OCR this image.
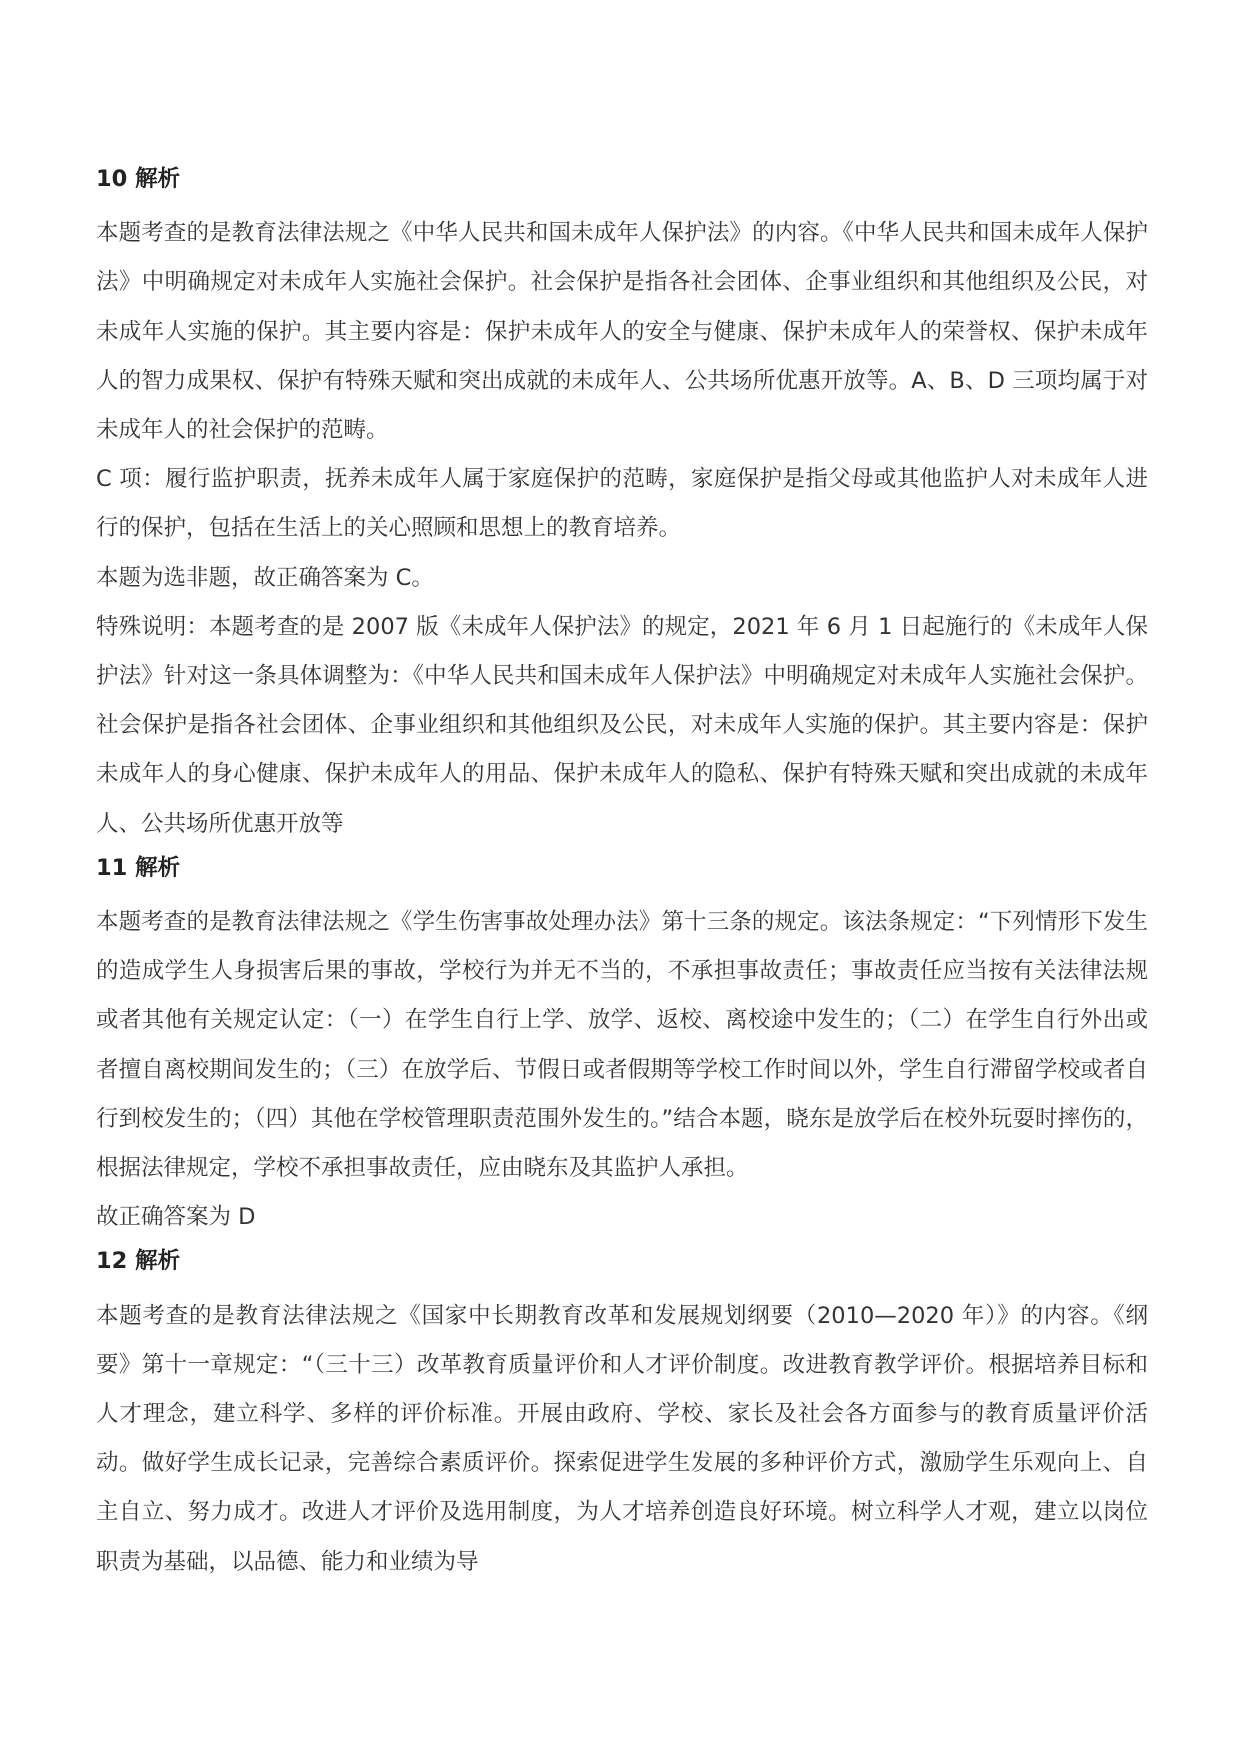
10 解析

本题考查的是教育法律法规之《中华人民共和国未成年人保护法》的内容。《中华人民共和国未成年人保护法》中明确规定对未成年人实施社会保护。社会保护是指各社会团体、企事业组织和其他组织及公民，对未成年人实施的保护。其主要内容是：保护未成年人的安全与健康、保护未成年人的荣誉权、保护未成年人的智力成果权、保护有特殊天赋和突出成就的未成年人、公共场所优惠开放等。A、B、D 三项均属于对未成年人的社会保护的范畴。

C 项：履行监护职责，抚养未成年人属于家庭保护的范畴，家庭保护是指父母或其他监护人对未成年人进行的保护，包括在生活上的关心照顾和思想上的教育培养。

本题为选非题，故正确答案为 C。

特殊说明：本题考查的是 2007 版《未成年人保护法》的规定，2021 年 6 月 1 日起施行的《未成年人保护法》针对这一条具体调整为：《中华人民共和国未成年人保护法》中明确规定对未成年人实施社会保护。社会保护是指各社会团体、企事业组织和其他组织及公民，对未成年人实施的保护。其主要内容是：保护未成年人的身心健康、保护未成年人的用品、保护未成年人的隐私、保护有特殊天赋和突出成就的未成年人、公共场所优惠开放等

11 解析

本题考查的是教育法律法规之《学生伤害事故处理办法》第十三条的规定。该法条规定：“下列情形下发生的造成学生人身损害后果的事故，学校行为并无不当的，不承担事故责任；事故责任应当按有关法律法规或者其他有关规定认定：（一）在学生自行上学、放学、返校、离校途中发生的；（二）在学生自行外出或者擅自离校期间发生的；（三）在放学后、节假日或者假期等学校工作时间以外，学生自行滞留学校或者自行到校发生的；（四）其他在学校管理职责范围外发生的。”结合本题，晓东是放学后在校外玩耍时摔伤的，根据法律规定，学校不承担事故责任，应由晓东及其监护人承担。

故正确答案为 D

12 解析

本题考查的是教育法律法规之《国家中长期教育改革和发展规划纲要（2010—2020 年）》的内容。《纲要》第十一章规定：“（三十三）改革教育质量评价和人才评价制度。改进教育教学评价。根据培养目标和人才理念，建立科学、多样的评价标准。开展由政府、学校、家长及社会各方面参与的教育质量评价活动。做好学生成长记录，完善综合素质评价。探索促进学生发展的多种评价方式，激励学生乐观向上、自主自立、努力成才。改进人才评价及选用制度，为人才培养创造良好环境。树立科学人才观，建立以岗位职责为基础，以品德、能力和业绩为导
